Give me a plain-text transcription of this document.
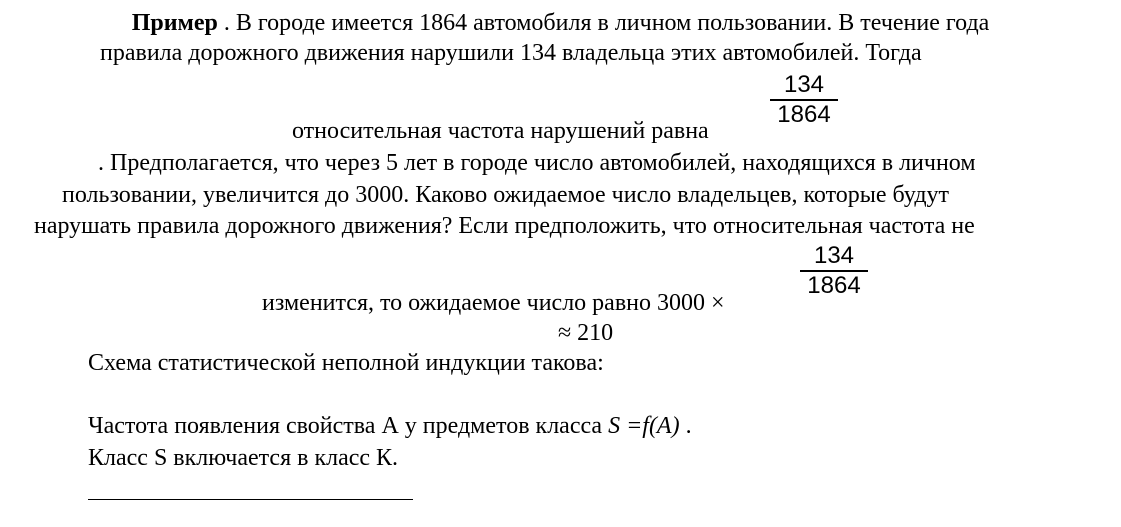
Пример . В городе имеется 1864 автомобиля в личном пользовании. В течение года
правила дорожного движения нарушили 134 владельца этих автомобилей. Тогда
относительная частота нарушений равна
134
1864
. Предполагается, что через 5 лет в городе число автомобилей, находящихся в личном
пользовании, увеличится до 3000. Каково ожидаемое число владельцев, которые будут
нарушать правила дорожного движения? Если предположить, что относительная частота не
изменится, то ожидаемое число равно 3000 ×
134
1864
≈ 210
Схема статистической неполной индукции такова:
Частота появления свойства А у предметов класса S =f(A) .
Класс S включается в класс К.
